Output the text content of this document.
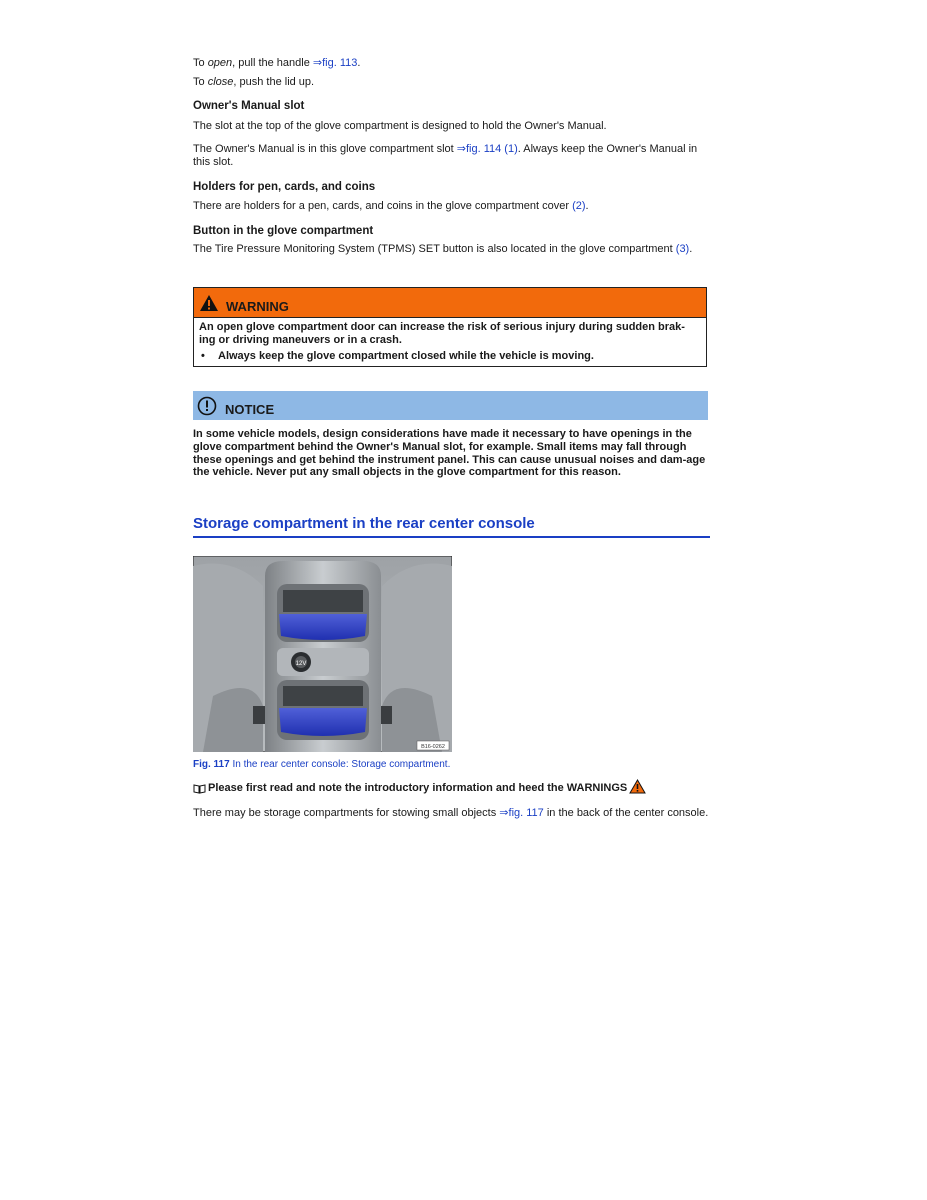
To open, pull the handle ⇒fig. 113.

To close, push the lid up.

Owner's Manual slot

The slot at the top of the glove compartment is designed to hold the Owner's Manual.

The Owner's Manual is in this glove compartment slot ⇒fig. 114 (1). Always keep the Owner's Manual in this slot.

Holders for pen, cards, and coins

There are holders for a pen, cards, and coins in the glove compartment cover (2).

Button in the glove compartment

The Tire Pressure Monitoring System (TPMS) SET button is also located in the glove compartment (3).

WARNING
An open glove compartment door can increase the risk of serious injury during sudden brak-ing or driving maneuvers or in a crash.
•	Always keep the glove compartment closed while the vehicle is moving.
NOTICE
In some vehicle models, design considerations have made it necessary to have openings in the glove compartment behind the Owner's Manual slot, for example. Small items may fall through these openings and get behind the instrument panel. This can cause unusual noises and dam-age the vehicle. Never put any small objects in the glove compartment for this reason.
Storage compartment in the rear center console
12V
B16-0262
Fig. 117 In the rear center console: Storage compartment.
Please first read and note the introductory information and heed the WARNINGS

There may be storage compartments for stowing small objects ⇒fig. 117 in the back of the center console.
